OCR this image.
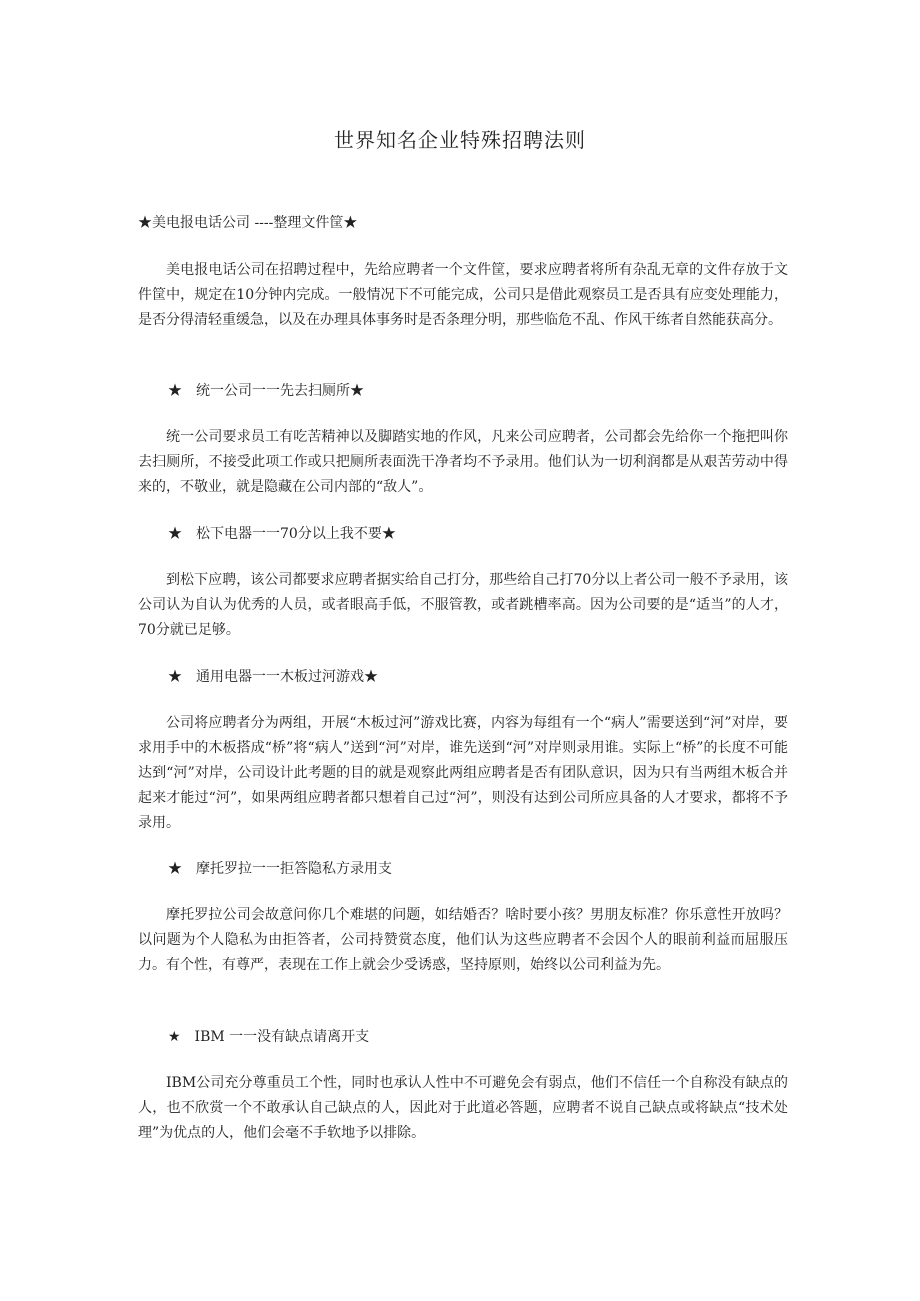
世界知名企业特殊招聘法则
★美电报电话公司 ----整理文件筐★

美电报电话公司在招聘过程中，先给应聘者一个文件筐，要求应聘者将所有杂乱无章的文件存放于文件筐中，规定在10分钟内完成。一般情况下不可能完成，公司只是借此观察员工是否具有应变处理能力，是否分得清轻重缓急，以及在办理具体事务时是否条理分明，那些临危不乱、作风干练者自然能获高分。

★　统一公司一一先去扫厕所★

统一公司要求员工有吃苦精神以及脚踏实地的作风，凡来公司应聘者，公司都会先给你一个拖把叫你去扫厕所，不接受此项工作或只把厕所表面洗干净者均不予录用。他们认为一切利润都是从艰苦劳动中得来的，不敬业，就是隐藏在公司内部的“敌人”。

★　松下电器一一70分以上我不要★

到松下应聘，该公司都要求应聘者据实给自己打分，那些给自己打70分以上者公司一般不予录用，该公司认为自认为优秀的人员，或者眼高手低，不服管教，或者跳槽率高。因为公司要的是“适当”的人才，70分就已足够。

★　通用电器一一木板过河游戏★

公司将应聘者分为两组，开展“木板过河”游戏比赛，内容为每组有一个“病人”需要送到“河”对岸，要求用手中的木板搭成“桥”将“病人”送到“河”对岸，谁先送到“河”对岸则录用谁。实际上“桥”的长度不可能达到“河”对岸，公司设计此考题的目的就是观察此两组应聘者是否有团队意识，因为只有当两组木板合并起来才能过“河”，如果两组应聘者都只想着自己过“河”，则没有达到公司所应具备的人才要求，都将不予录用。

★　摩托罗拉一一拒答隐私方录用支

摩托罗拉公司会故意问你几个难堪的问题，如结婚否？啥时要小孩？男朋友标准？你乐意性开放吗？以问题为个人隐私为由拒答者，公司持赞赏态度，他们认为这些应聘者不会因个人的眼前利益而屈服压力。有个性，有尊严，表现在工作上就会少受诱惑，坚持原则，始终以公司利益为先。

★　IBM 一一没有缺点请离开支

IBM公司充分尊重员工个性，同时也承认人性中不可避免会有弱点，他们不信任一个自称没有缺点的人，也不欣赏一个不敢承认自己缺点的人，因此对于此道必答题，应聘者不说自己缺点或将缺点“技术处理”为优点的人，他们会毫不手软地予以排除。
